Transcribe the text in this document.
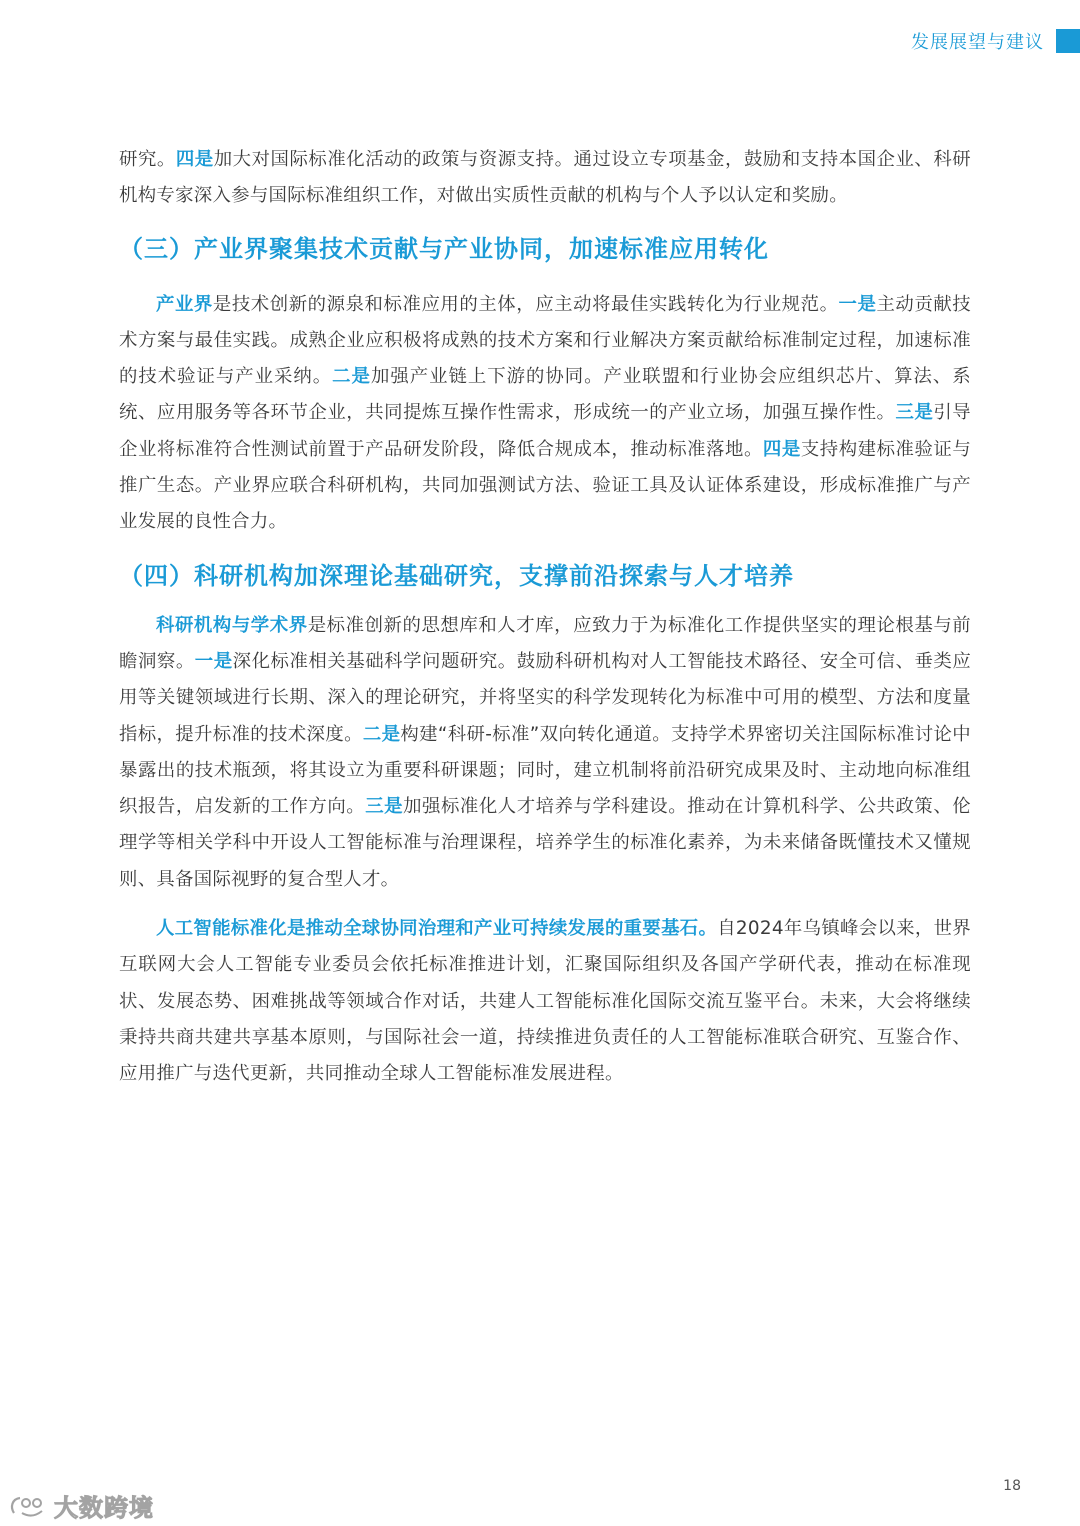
发展展望与建议

研究。四是加大对国际标准化活动的政策与资源支持。通过设立专项基金，鼓励和支持本国企业、科研机构专家深入参与国际标准组织工作，对做出实质性贡献的机构与个人予以认定和奖励。

（三）产业界聚集技术贡献与产业协同，加速标准应用转化

产业界是技术创新的源泉和标准应用的主体，应主动将最佳实践转化为行业规范。一是主动贡献技术方案与最佳实践。成熟企业应积极将成熟的技术方案和行业解决方案贡献给标准制定过程，加速标准的技术验证与产业采纳。二是加强产业链上下游的协同。产业联盟和行业协会应组织芯片、算法、系统、应用服务等各环节企业，共同提炼互操作性需求，形成统一的产业立场，加强互操作性。三是引导企业将标准符合性测试前置于产品研发阶段，降低合规成本，推动标准落地。四是支持构建标准验证与推广生态。产业界应联合科研机构，共同加强测试方法、验证工具及认证体系建设，形成标准推广与产业发展的良性合力。

（四）科研机构加深理论基础研究，支撑前沿探索与人才培养

科研机构与学术界是标准创新的思想库和人才库，应致力于为标准化工作提供坚实的理论根基与前瞻洞察。一是深化标准相关基础科学问题研究。鼓励科研机构对人工智能技术路径、安全可信、垂类应用等关键领域进行长期、深入的理论研究，并将坚实的科学发现转化为标准中可用的模型、方法和度量指标，提升标准的技术深度。二是构建“科研-标准”双向转化通道。支持学术界密切关注国际标准讨论中暴露出的技术瓶颈，将其设立为重要科研课题；同时，建立机制将前沿研究成果及时、主动地向标准组织报告，启发新的工作方向。三是加强标准化人才培养与学科建设。推动在计算机科学、公共政策、伦理学等相关学科中开设人工智能标准与治理课程，培养学生的标准化素养，为未来储备既懂技术又懂规则、具备国际视野的复合型人才。

人工智能标准化是推动全球协同治理和产业可持续发展的重要基石。自2024年乌镇峰会以来，世界互联网大会人工智能专业委员会依托标准推进计划，汇聚国际组织及各国产学研代表，推动在标准现状、发展态势、困难挑战等领域合作对话，共建人工智能标准化国际交流互鉴平台。未来，大会将继续秉持共商共建共享基本原则，与国际社会一道，持续推进负责任的人工智能标准联合研究、互鉴合作、应用推广与迭代更新，共同推动全球人工智能标准发展进程。

18
大数跨境
